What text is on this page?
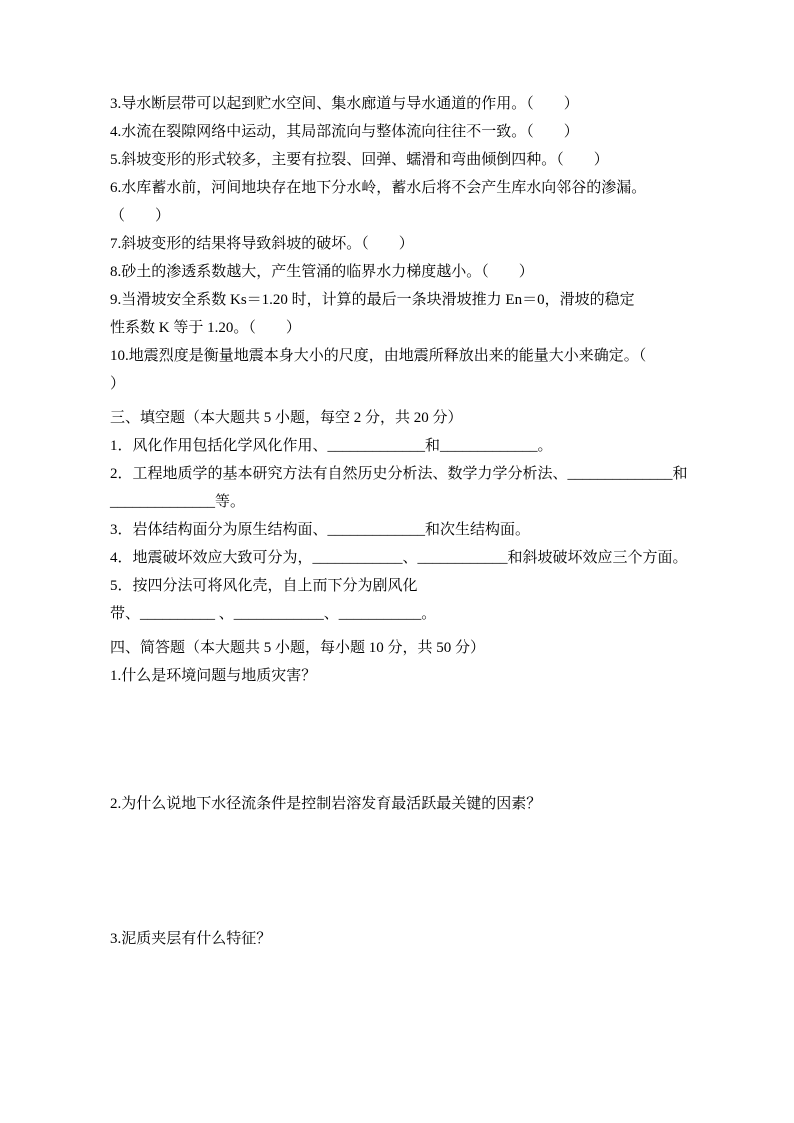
3.导水断层带可以起到贮水空间、集水廊道与导水通道的作用。（　　）
4.水流在裂隙网络中运动，其局部流向与整体流向往往不一致。（　　）
5.斜坡变形的形式较多，主要有拉裂、回弹、蠕滑和弯曲倾倒四种。（　　）
6.水库蓄水前，河间地块存在地下分水岭，蓄水后将不会产生库水向邻谷的渗漏。
（　　）
7.斜坡变形的结果将导致斜坡的破坏。（　　）
8.砂土的渗透系数越大，产生管涌的临界水力梯度越小。（　　）
9.当滑坡安全系数 Ks＝1.20 时，计算的最后一条块滑坡推力 En＝0，滑坡的稳定
性系数 K 等于 1.20。（　　）
10.地震烈度是衡量地震本身大小的尺度，由地震所释放出来的能量大小来确定。（
）
三、填空题（本大题共 5 小题，每空 2 分，共 20 分）
1．风化作用包括化学风化作用、_____________和_____________。
2．工程地质学的基本研究方法有自然历史分析法、数学力学分析法、______________和
______________等。
3．岩体结构面分为原生结构面、_____________和次生结构面。
4．地震破坏效应大致可分为，____________、____________和斜坡破坏效应三个方面。
5．按四分法可将风化壳，自上而下分为剧风化
带、__________ 、____________、___________。
四、简答题（本大题共 5 小题，每小题 10 分，共 50 分）
1.什么是环境问题与地质灾害？
2.为什么说地下水径流条件是控制岩溶发育最活跃最关键的因素？
3.泥质夹层有什么特征？
